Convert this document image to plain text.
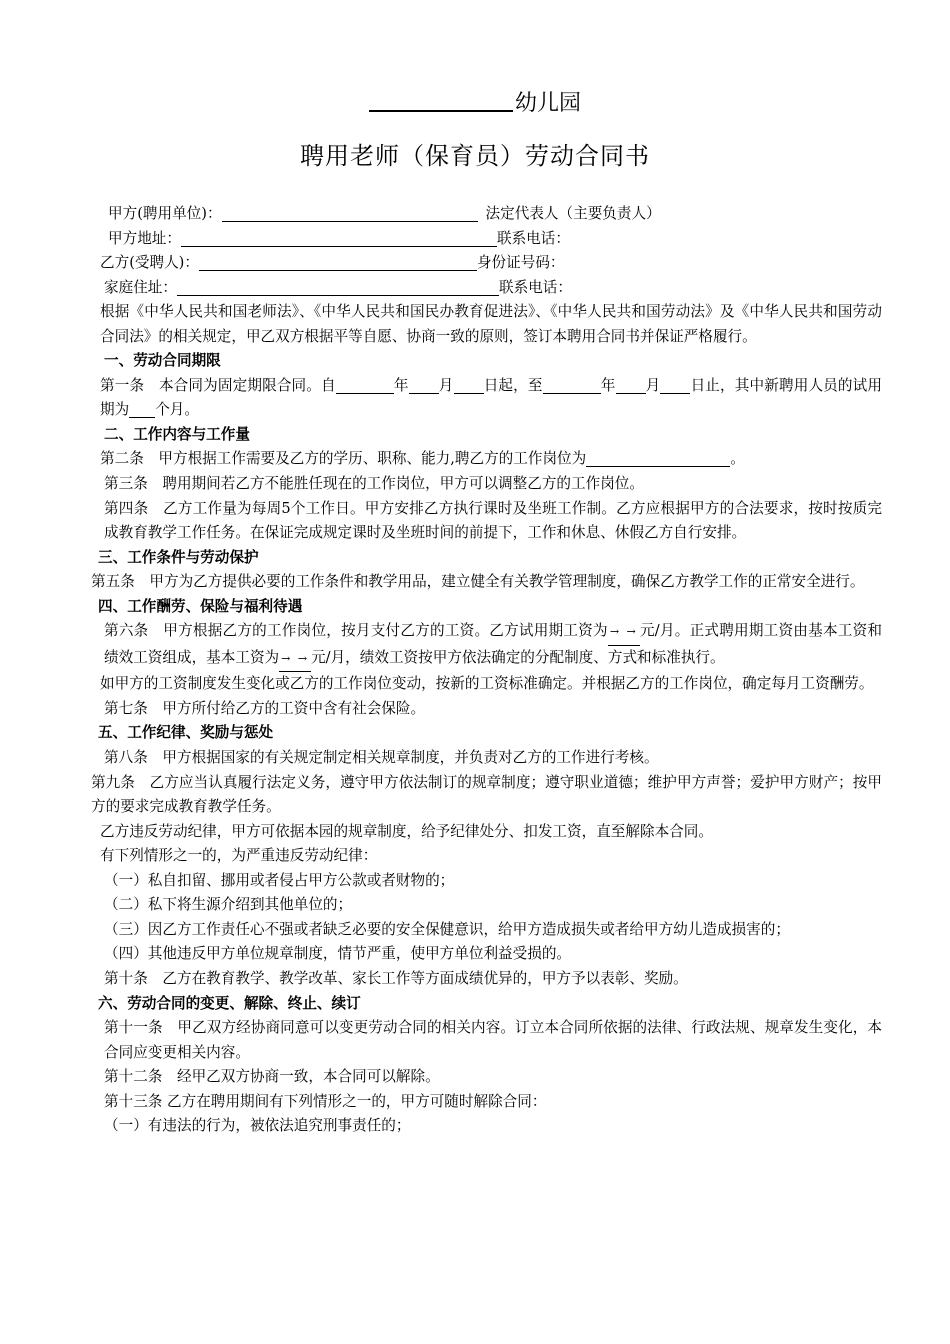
幼儿园
聘用老师（保育员）劳动合同书
甲方(聘用单位)：	法定代表人（主要负责人）
甲方地址：	联系电话：
乙方(受聘人)：	身份证号码：
家庭住址：	联系电话：
根据《中华人民共和国老师法》、《中华人民共和国民办教育促进法》、《中华人民共和国劳动法》及《中华人民共和国劳动合同法》的相关规定，甲乙双方根据平等自愿、协商一致的原则，签订本聘用合同书并保证严格履行。
一、劳动合同期限
第一条　本合同为固定期限合同。自	年 月 日起，至	年 月 日止，其中新聘用人员的试用期为 个月。
二、工作内容与工作量
第二条　甲方根据工作需要及乙方的学历、职称、能力,聘乙方的工作岗位为	。
第三条　聘用期间若乙方不能胜任现在的工作岗位，甲方可以调整乙方的工作岗位。
第四条　乙方工作量为每周5个工作日。甲方安排乙方执行课时及坐班工作制。乙方应根据甲方的合法要求，按时按质完成教育教学工作任务。在保证完成规定课时及坐班时间的前提下，工作和休息、休假乙方自行安排。
三、工作条件与劳动保护
第五条　甲方为乙方提供必要的工作条件和教学用品，建立健全有关教学管理制度，确保乙方教学工作的正常安全进行。
四、工作酬劳、保险与福利待遇
第六条　甲方根据乙方的工作岗位，按月支付乙方的工资。乙方试用期工资为 → → 元/月。正式聘用期工资由基本工资和绩效工资组成，基本工资为 → → 元/月，绩效工资按甲方依法确定的分配制度、方式和标准执行。
如甲方的工资制度发生变化或乙方的工作岗位变动，按新的工资标准确定。并根据乙方的工作岗位，确定每月工资酬劳。
第七条　甲方所付给乙方的工资中含有社会保险。
五、工作纪律、奖励与惩处
第八条　甲方根据国家的有关规定制定相关规章制度，并负责对乙方的工作进行考核。
第九条　乙方应当认真履行法定义务，遵守甲方依法制订的规章制度；遵守职业道德；维护甲方声誉；爱护甲方财产；按甲方的要求完成教育教学任务。
乙方违反劳动纪律，甲方可依据本园的规章制度，给予纪律处分、扣发工资，直至解除本合同。
有下列情形之一的，为严重违反劳动纪律：
（一）私自扣留、挪用或者侵占甲方公款或者财物的；
（二）私下将生源介绍到其他单位的；
（三）因乙方工作责任心不强或者缺乏必要的安全保健意识，给甲方造成损失或者给甲方幼儿造成损害的；
（四）其他违反甲方单位规章制度，情节严重，使甲方单位利益受损的。
第十条　乙方在教育教学、教学改革、家长工作等方面成绩优异的，甲方予以表彰、奖励。
六、劳动合同的变更、解除、终止、续订
第十一条　甲乙双方经协商同意可以变更劳动合同的相关内容。订立本合同所依据的法律、行政法规、规章发生变化，本合同应变更相关内容。
第十二条　经甲乙双方协商一致，本合同可以解除。
第十三条 乙方在聘用期间有下列情形之一的，甲方可随时解除合同：
（一）有违法的行为，被依法追究刑事责任的；
